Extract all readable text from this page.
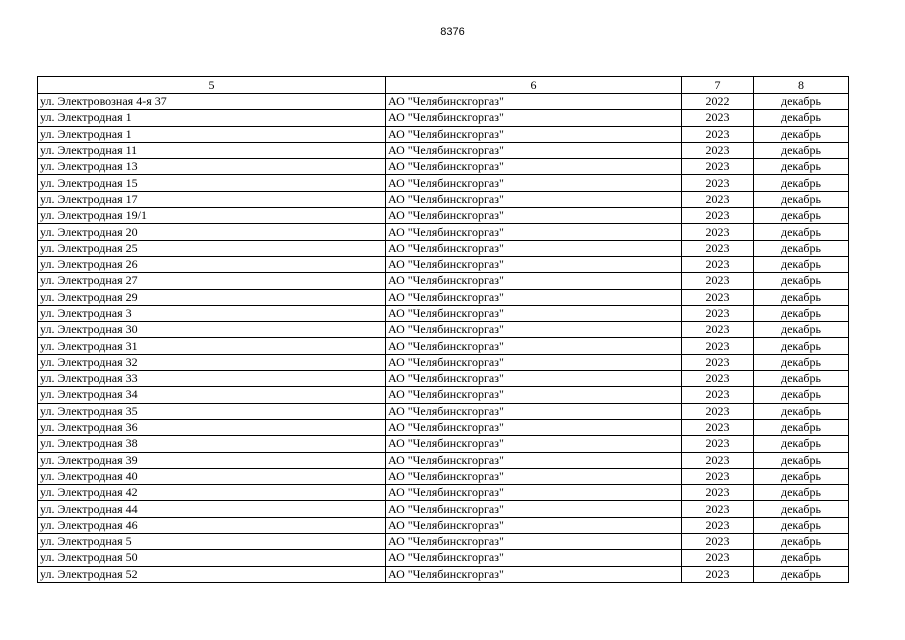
8376
5	6	7	8
ул. Электровозная 4-я 37	АО "Челябинскгоргаз"	2022	декабрь
ул. Электродная 1	АО "Челябинскгоргаз"	2023	декабрь
ул. Электродная 1	АО "Челябинскгоргаз"	2023	декабрь
ул. Электродная 11	АО "Челябинскгоргаз"	2023	декабрь
ул. Электродная 13	АО "Челябинскгоргаз"	2023	декабрь
ул. Электродная 15	АО "Челябинскгоргаз"	2023	декабрь
ул. Электродная 17	АО "Челябинскгоргаз"	2023	декабрь
ул. Электродная 19/1	АО "Челябинскгоргаз"	2023	декабрь
ул. Электродная 20	АО "Челябинскгоргаз"	2023	декабрь
ул. Электродная 25	АО "Челябинскгоргаз"	2023	декабрь
ул. Электродная 26	АО "Челябинскгоргаз"	2023	декабрь
ул. Электродная 27	АО "Челябинскгоргаз"	2023	декабрь
ул. Электродная 29	АО "Челябинскгоргаз"	2023	декабрь
ул. Электродная 3	АО "Челябинскгоргаз"	2023	декабрь
ул. Электродная 30	АО "Челябинскгоргаз"	2023	декабрь
ул. Электродная 31	АО "Челябинскгоргаз"	2023	декабрь
ул. Электродная 32	АО "Челябинскгоргаз"	2023	декабрь
ул. Электродная 33	АО "Челябинскгоргаз"	2023	декабрь
ул. Электродная 34	АО "Челябинскгоргаз"	2023	декабрь
ул. Электродная 35	АО "Челябинскгоргаз"	2023	декабрь
ул. Электродная 36	АО "Челябинскгоргаз"	2023	декабрь
ул. Электродная 38	АО "Челябинскгоргаз"	2023	декабрь
ул. Электродная 39	АО "Челябинскгоргаз"	2023	декабрь
ул. Электродная 40	АО "Челябинскгоргаз"	2023	декабрь
ул. Электродная 42	АО "Челябинскгоргаз"	2023	декабрь
ул. Электродная 44	АО "Челябинскгоргаз"	2023	декабрь
ул. Электродная 46	АО "Челябинскгоргаз"	2023	декабрь
ул. Электродная 5	АО "Челябинскгоргаз"	2023	декабрь
ул. Электродная 50	АО "Челябинскгоргаз"	2023	декабрь
ул. Электродная 52	АО "Челябинскгоргаз"	2023	декабрь
